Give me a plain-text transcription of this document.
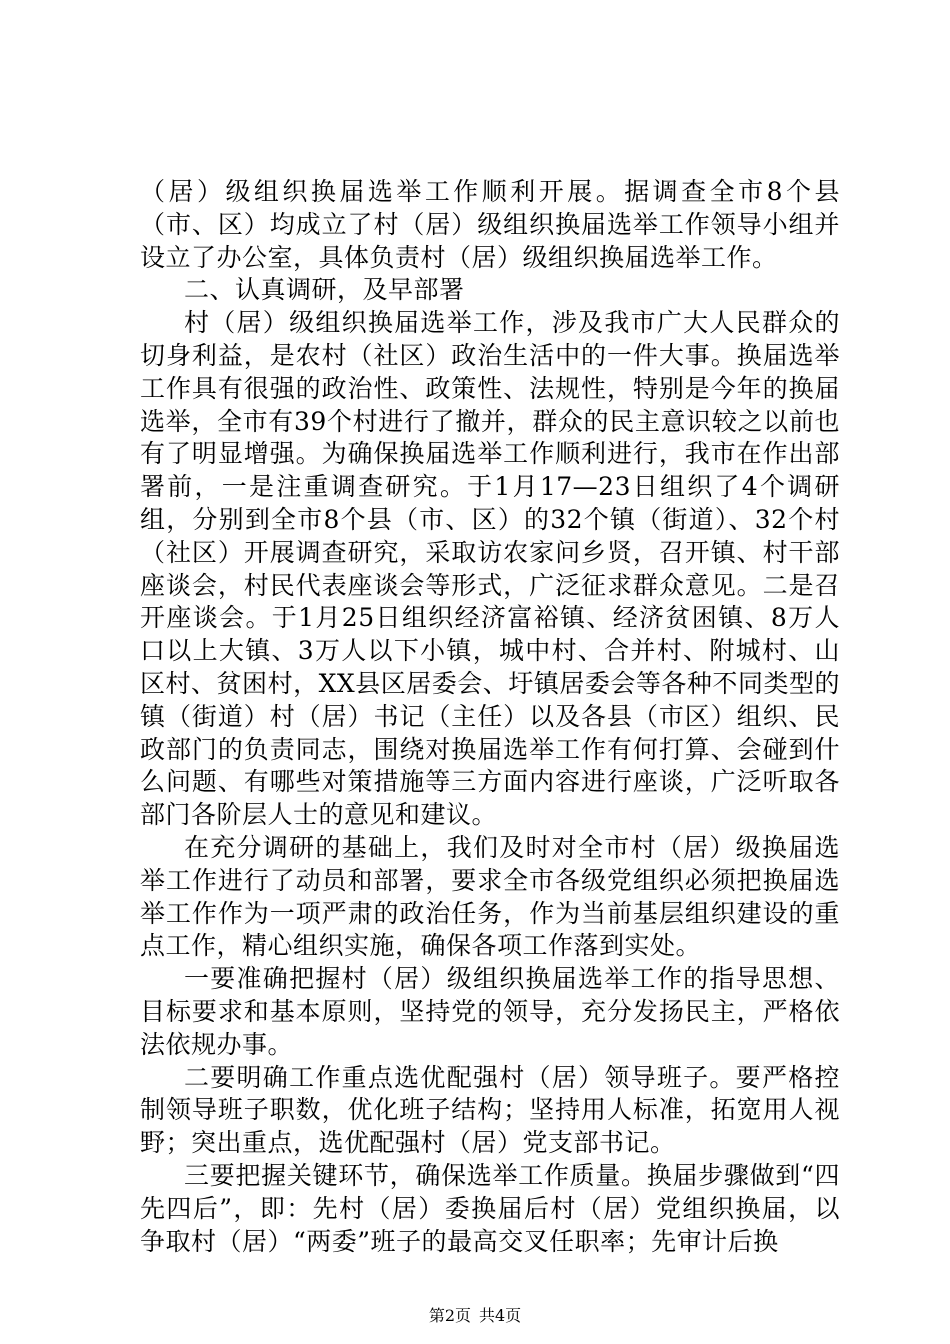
（居）级组织换届选举工作顺利开展。据调查全市8个县（市、区）均成立了村（居）级组织换届选举工作领导小组并设立了办公室，具体负责村（居）级组织换届选举工作。

二、认真调研，及早部署

村（居）级组织换届选举工作，涉及我市广大人民群众的切身利益，是农村（社区）政治生活中的一件大事。换届选举工作具有很强的政治性、政策性、法规性，特别是今年的换届选举，全市有39个村进行了撤并，群众的民主意识较之以前也有了明显增强。为确保换届选举工作顺利进行，我市在作出部署前，一是注重调查研究。于1月17—23日组织了4个调研组，分别到全市8个县（市、区）的32个镇（街道）、32个村（社区）开展调查研究，采取访农家问乡贤，召开镇、村干部座谈会，村民代表座谈会等形式，广泛征求群众意见。二是召开座谈会。于1月25日组织经济富裕镇、经济贫困镇、8万人口以上大镇、3万人以下小镇，城中村、合并村、附城村、山区村、贫困村，XX县区居委会、圩镇居委会等各种不同类型的镇（街道）村（居）书记（主任）以及各县（市区）组织、民政部门的负责同志，围绕对换届选举工作有何打算、会碰到什么问题、有哪些对策措施等三方面内容进行座谈，广泛听取各部门各阶层人士的意见和建议。

在充分调研的基础上，我们及时对全市村（居）级换届选举工作进行了动员和部署，要求全市各级党组织必须把换届选举工作作为一项严肃的政治任务，作为当前基层组织建设的重点工作，精心组织实施，确保各项工作落到实处。

一要准确把握村（居）级组织换届选举工作的指导思想、目标要求和基本原则，坚持党的领导，充分发扬民主，严格依法依规办事。

二要明确工作重点选优配强村（居）领导班子。要严格控制领导班子职数，优化班子结构；坚持用人标准，拓宽用人视野；突出重点，选优配强村（居）党支部书记。

三要把握关键环节，确保选举工作质量。换届步骤做到“四先四后”，即：先村（居）委换届后村（居）党组织换届，以争取村（居）“两委”班子的最高交叉任职率；先审计后换

第2页 共4页
